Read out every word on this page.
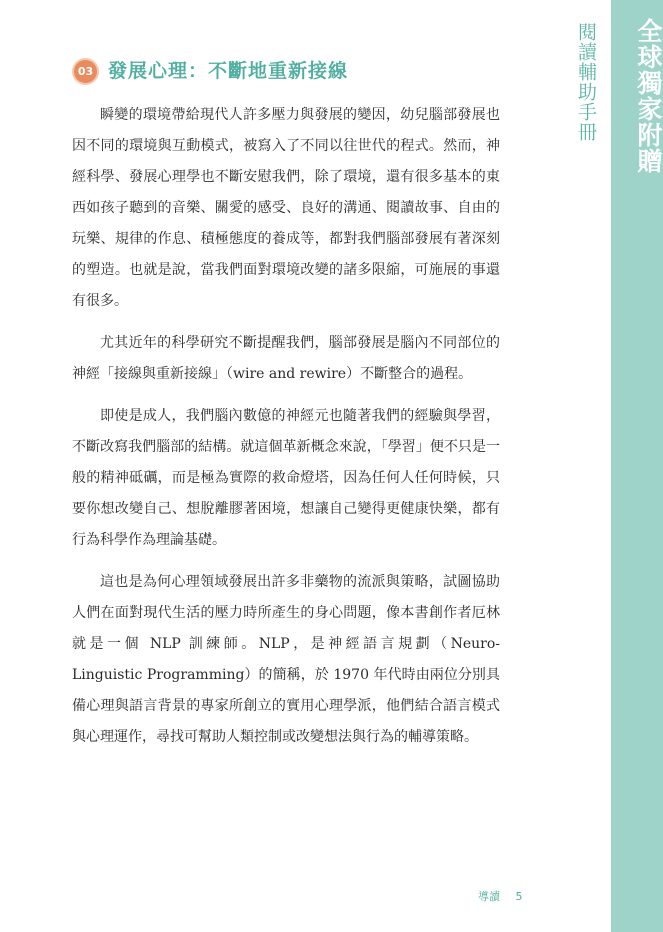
全球獨家附贈
閱讀輔助手冊
03 發展心理：不斷地重新接線

瞬變的環境帶給現代人許多壓力與發展的變因，幼兒腦部發展也因不同的環境與互動模式，被寫入了不同以往世代的程式。然而，神經科學、發展心理學也不斷安慰我們，除了環境，還有很多基本的東西如孩子聽到的音樂、關愛的感受、良好的溝通、閱讀故事、自由的玩樂、規律的作息、積極態度的養成等，都對我們腦部發展有著深刻的塑造。也就是說，當我們面對環境改變的諸多限縮，可施展的事還有很多。

尤其近年的科學研究不斷提醒我們，腦部發展是腦內不同部位的神經「接線與重新接線」（wire and rewire）不斷整合的過程。

即使是成人，我們腦內數億的神經元也隨著我們的經驗與學習，不斷改寫我們腦部的結構。就這個革新概念來說，「學習」便不只是一般的精神砥礪，而是極為實際的救命燈塔，因為任何人任何時候，只要你想改變自己、想脫離膠著困境，想讓自己變得更健康快樂，都有行為科學作為理論基礎。

這也是為何心理領域發展出許多非藥物的流派與策略，試圖協助人們在面對現代生活的壓力時所產生的身心問題，像本書創作者厄林就是一個 NLP 訓練師。NLP，是神經語言規劃（Neuro-Linguistic Programming）的簡稱，於 1970 年代時由兩位分別具備心理與語言背景的專家所創立的實用心理學派，他們結合語言模式與心理運作，尋找可幫助人類控制或改變想法與行為的輔導策略。

導讀 5
